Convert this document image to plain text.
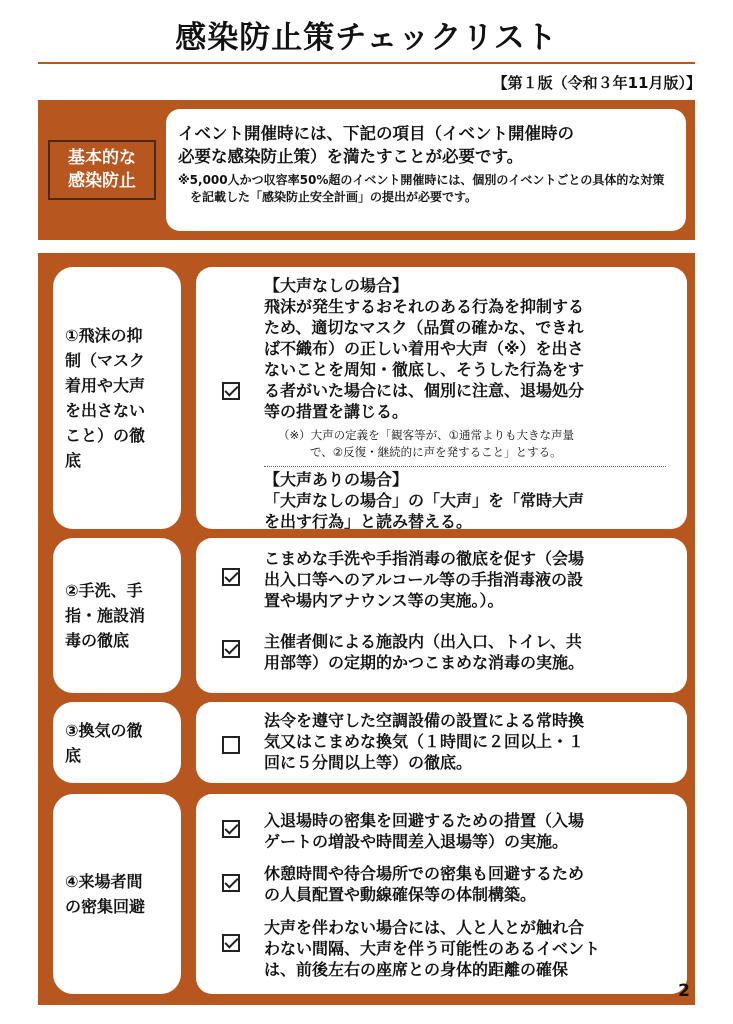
感染防止策チェックリスト
【第１版（令和３年11月版）】
基本的な
感染防止
イベント開催時には、下記の項目（イベント開催時の
必要な感染防止策）を満たすことが必要です。
※5,000人かつ収容率50%超のイベント開催時には、個別のイベントごとの具体的な対策を記載した「感染防止安全計画」の提出が必要です。
①飛沫の抑
制（マスク
着用や大声
を出さない
こと）の徹
底
【大声なしの場合】
飛沫が発生するおそれのある行為を抑制する
ため、適切なマスク（品質の確かな、できれ
ば不織布）の正しい着用や大声（※）を出さ
ないことを周知・徹底し、そうした行為をす
る者がいた場合には、個別に注意、退場処分
等の措置を講じる。
（※）大声の定義を「観客等が、①通常よりも大きな声量
で、②反復・継続的に声を発すること」とする。
【大声ありの場合】
「大声なしの場合」の「大声」を「常時大声
を出す行為」と読み替える。
②手洗、手
指・施設消
毒の徹底
こまめな手洗や手指消毒の徹底を促す（会場
出入口等へのアルコール等の手指消毒液の設
置や場内アナウンス等の実施。）。
主催者側による施設内（出入口、トイレ、共
用部等）の定期的かつこまめな消毒の実施。
③換気の徹
底
法令を遵守した空調設備の設置による常時換
気又はこまめな換気（１時間に２回以上・１
回に５分間以上等）の徹底。
④来場者間
の密集回避
入退場時の密集を回避するための措置（入場
ゲートの増設や時間差入退場等）の実施。
休憩時間や待合場所での密集も回避するため
の人員配置や動線確保等の体制構築。
大声を伴わない場合には、人と人とが触れ合
わない間隔、大声を伴う可能性のあるイベント
は、前後左右の座席との身体的距離の確保
2
